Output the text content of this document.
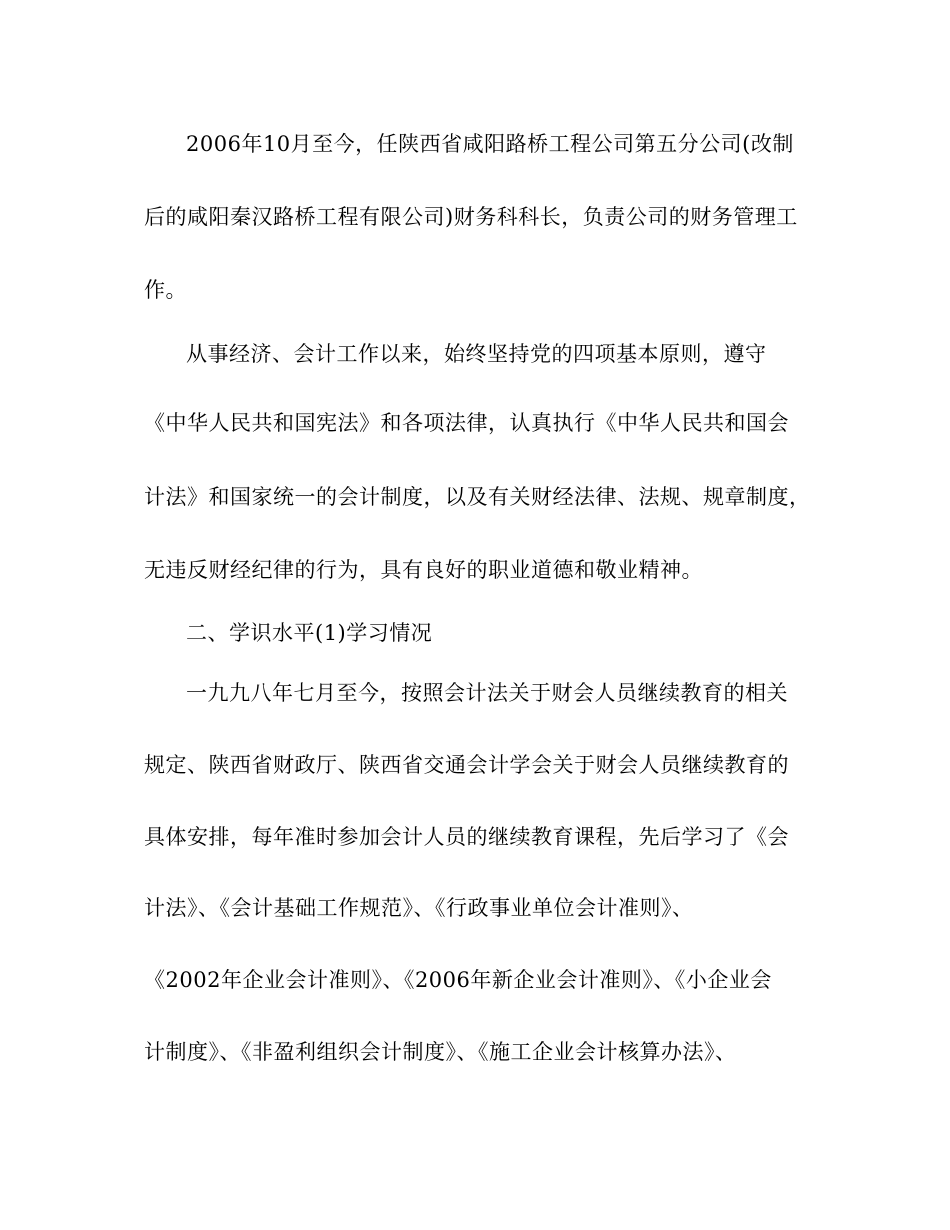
2006年10月至今，任陕西省咸阳路桥工程公司第五分公司(改制

后的咸阳秦汉路桥工程有限公司)财务科科长，负责公司的财务管理工

作。

从事经济、会计工作以来，始终坚持党的四项基本原则，遵守

《中华人民共和国宪法》和各项法律，认真执行《中华人民共和国会

计法》和国家统一的会计制度，以及有关财经法律、法规、规章制度，

无违反财经纪律的行为，具有良好的职业道德和敬业精神。

二、学识水平(1)学习情况

一九九八年七月至今，按照会计法关于财会人员继续教育的相关

规定、陕西省财政厅、陕西省交通会计学会关于财会人员继续教育的

具体安排，每年准时参加会计人员的继续教育课程，先后学习了《会

计法》、《会计基础工作规范》、《行政事业单位会计准则》、

《2002年企业会计准则》、《2006年新企业会计准则》、《小企业会

计制度》、《非盈利组织会计制度》、《施工企业会计核算办法》、
